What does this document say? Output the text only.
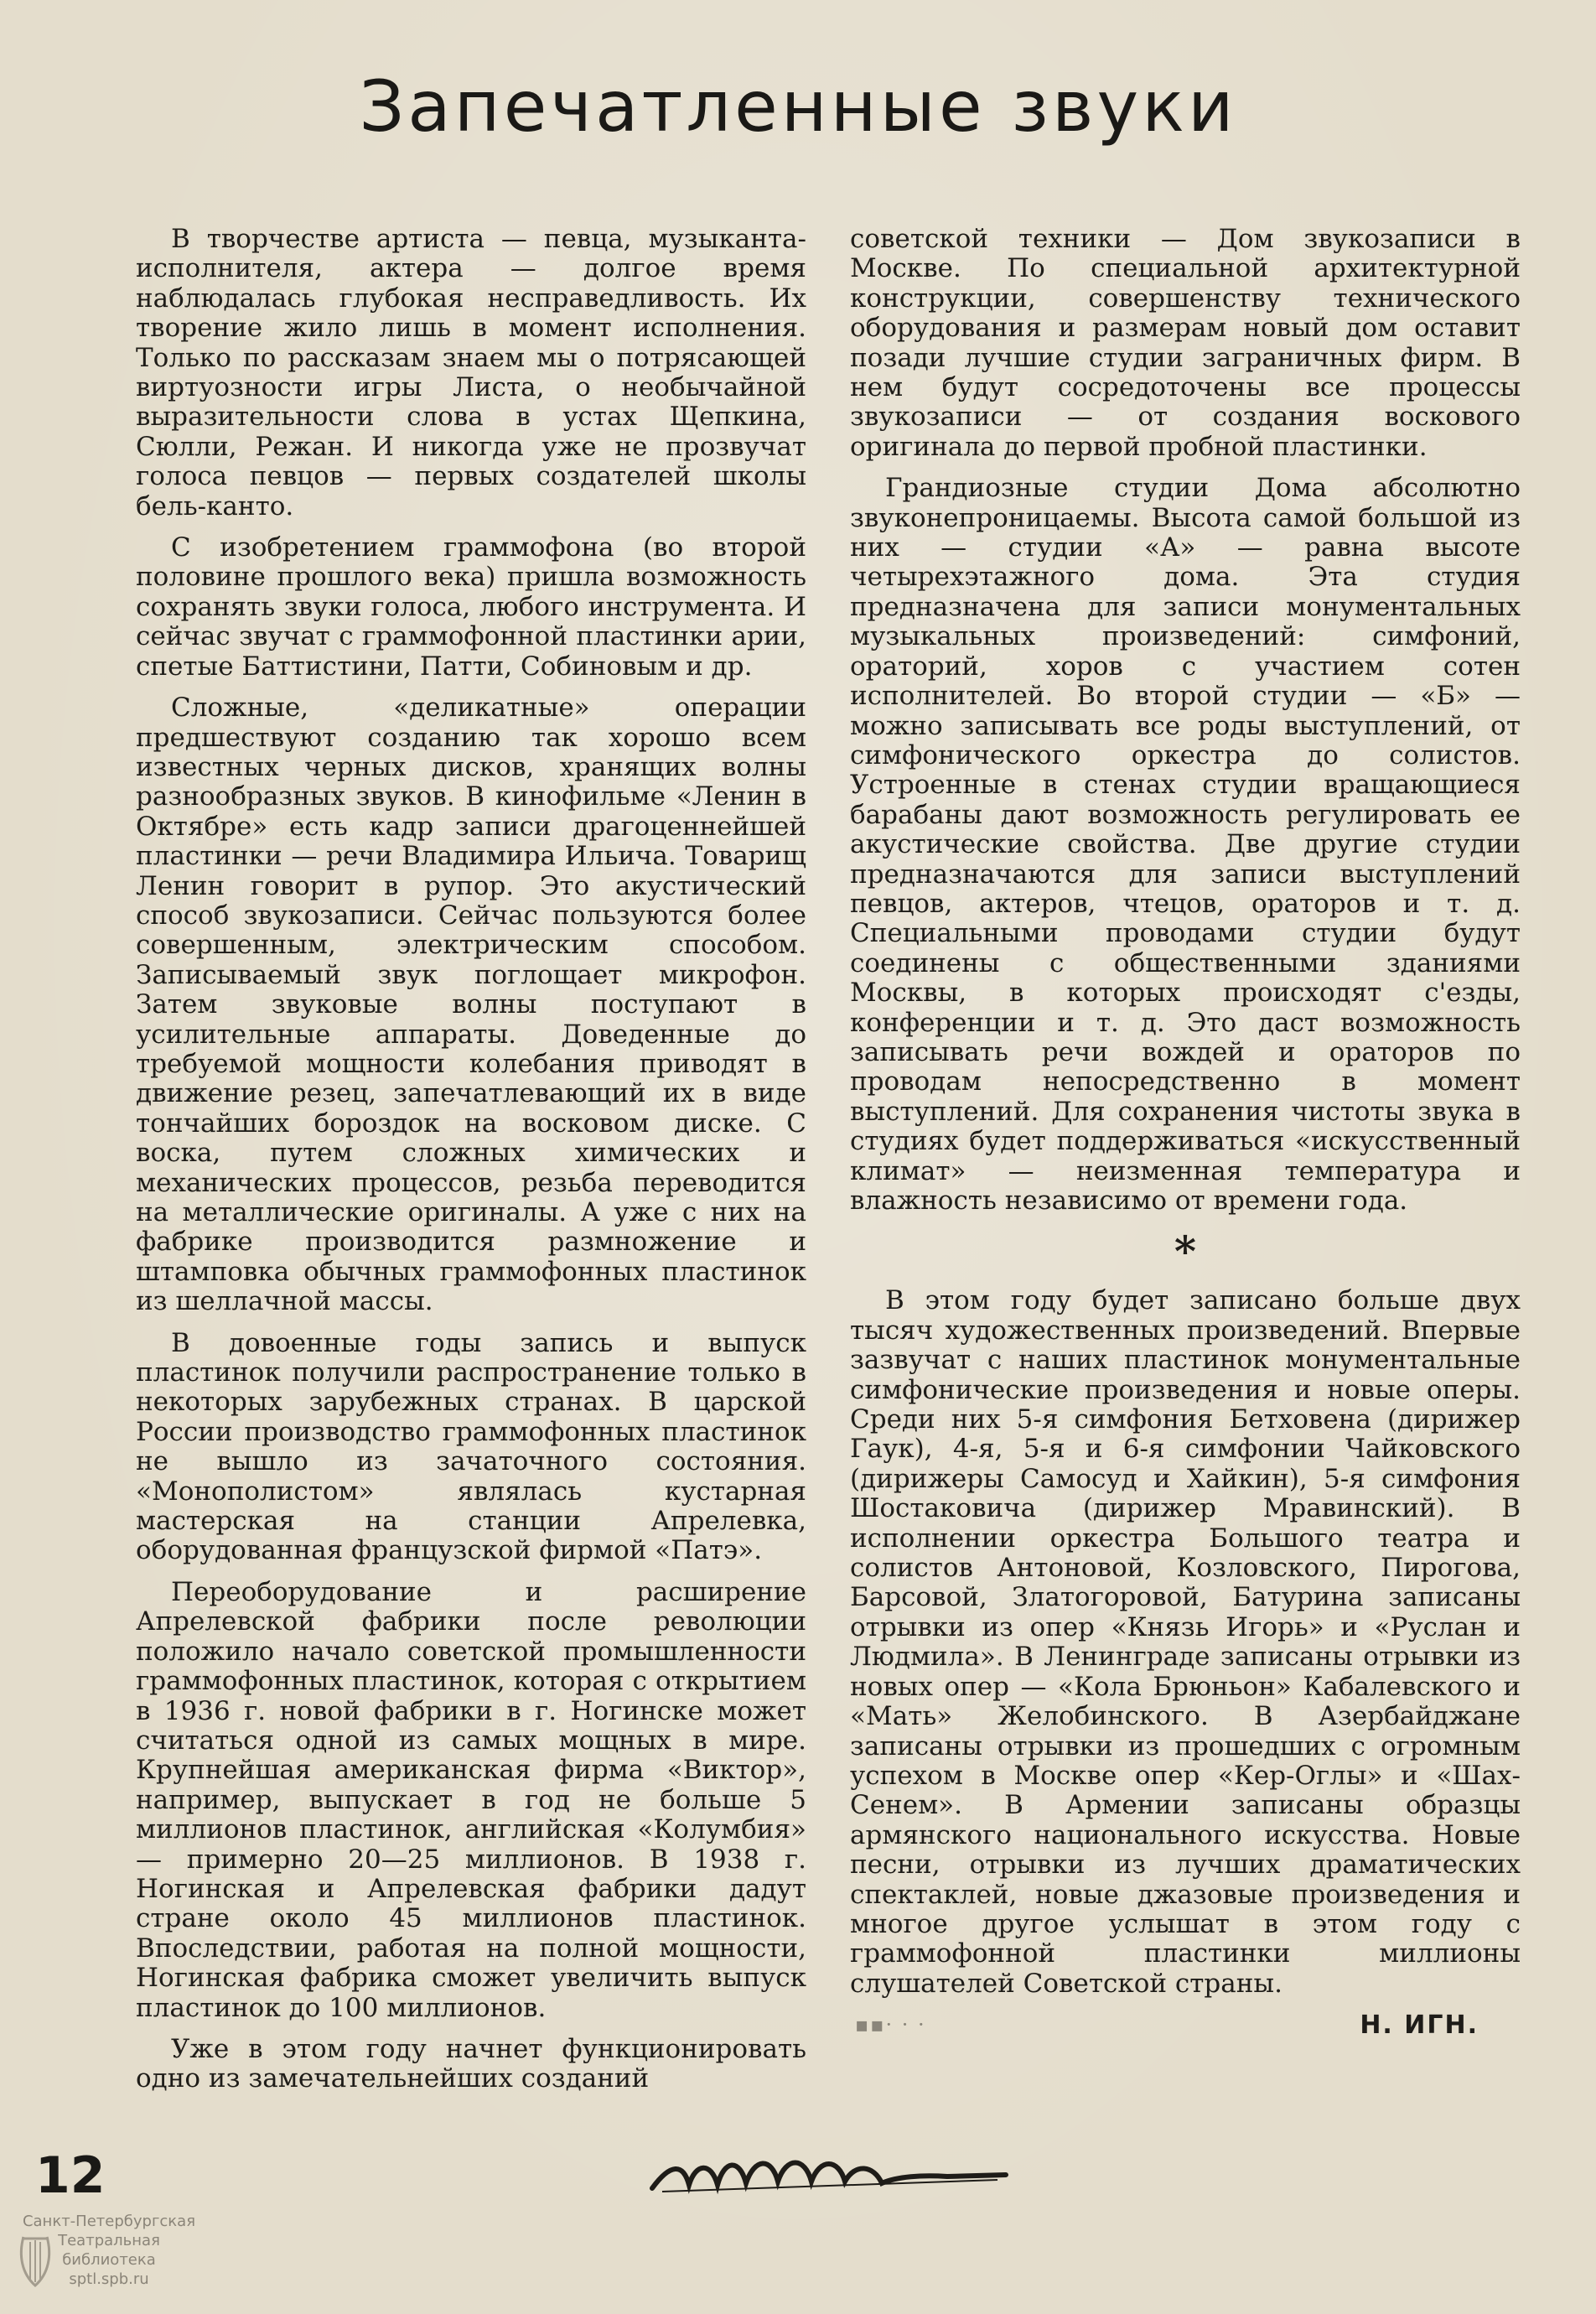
Запечатленные звуки

В творчестве артиста — певца, музыканта-исполнителя, актера — долгое время наблюдалась глубокая несправедливость. Их творение жило лишь в момент исполнения. Только по рассказам знаем мы о потрясающей виртуозности игры Листа, о необычайной выразительности слова в устах Щепкина, Сюлли, Режан. И никогда уже не прозвучат голоса певцов — первых создателей школы бель-канто.

С изобретением граммофона (во второй половине прошлого века) пришла возможность сохранять звуки голоса, любого инструмента. И сейчас звучат с граммофонной пластинки арии, спетые Баттистини, Патти, Собиновым и др.

Сложные, «деликатные» операции предшествуют созданию так хорошо всем известных черных дисков, хранящих волны разнообразных звуков. В кинофильме «Ленин в Октябре» есть кадр записи драгоценнейшей пластинки — речи Владимира Ильича. Товарищ Ленин говорит в рупор. Это акустический способ звукозаписи. Сейчас пользуются более совершенным, электрическим способом. Записываемый звук поглощает микрофон. Затем звуковые волны поступают в усилительные аппараты. Доведенные до требуемой мощности колебания приводят в движение резец, запечатлевающий их в виде тончайших бороздок на восковом диске. С воска, путем сложных химических и механических процессов, резьба переводится на металлические оригиналы. А уже с них на фабрике производится размножение и штамповка обычных граммофонных пластинок из шеллачной массы.

В довоенные годы запись и выпуск пластинок получили распространение только в некоторых зарубежных странах. В царской России производство граммофонных пластинок не вышло из зачаточного состояния. «Монополистом» являлась кустарная мастерская на станции Апрелевка, оборудованная французской фирмой «Патэ».

Переоборудование и расширение Апрелевской фабрики после революции положило начало советской промышленности граммофонных пластинок, которая с открытием в 1936 г. новой фабрики в г. Ногинске может считаться одной из самых мощных в мире. Крупнейшая американская фирма «Виктор», например, выпускает в год не больше 5 миллионов пластинок, английская «Колумбия» — примерно 20—25 миллионов. В 1938 г. Ногинская и Апрелевская фабрики дадут стране около 45 миллионов пластинок. Впоследствии, работая на полной мощности, Ногинская фабрика сможет увеличить выпуск пластинок до 100 миллионов.

Уже в этом году начнет функционировать одно из замечательнейших созданий

советской техники — Дом звукозаписи в Москве. По специальной архитектурной конструкции, совершенству технического оборудования и размерам новый дом оставит позади лучшие студии заграничных фирм. В нем будут сосредоточены все процессы звукозаписи — от создания воскового оригинала до первой пробной пластинки.

Грандиозные студии Дома абсолютно звуконепроницаемы. Высота самой большой из них — студии «А» — равна высоте четырехэтажного дома. Эта студия предназначена для записи монументальных музыкальных произведений: симфоний, ораторий, хоров с участием сотен исполнителей. Во второй студии — «Б» — можно записывать все роды выступлений, от симфонического оркестра до солистов. Устроенные в стенах студии вращающиеся барабаны дают возможность регулировать ее акустические свойства. Две другие студии предназначаются для записи выступлений певцов, актеров, чтецов, ораторов и т. д. Специальными проводами студии будут соединены с общественными зданиями Москвы, в которых происходят с'езды, конференции и т. д. Это даст возможность записывать речи вождей и ораторов по проводам непосредственно в момент выступлений. Для сохранения чистоты звука в студиях будет поддерживаться «искусственный климат» — неизменная температура и влажность независимо от времени года.

*

В этом году будет записано больше двух тысяч художественных произведений. Впервые зазвучат с наших пластинок монументальные симфонические произведения и новые оперы. Среди них 5-я симфония Бетховена (дирижер Гаук), 4-я, 5-я и 6-я симфонии Чайковского (дирижеры Самосуд и Хайкин), 5-я симфония Шостаковича (дирижер Мравинский). В исполнении оркестра Большого театра и солистов Антоновой, Козловского, Пирогова, Барсовой, Златогоровой, Батурина записаны отрывки из опер «Князь Игорь» и «Руслан и Людмила». В Ленинграде записаны отрывки из новых опер — «Кола Брюньон» Кабалевского и «Мать» Желобинского. В Азербайджане записаны отрывки из прошедших с огромным успехом в Москве опер «Кер-Оглы» и «Шах-Сенем». В Армении записаны образцы армянского национального искусства. Новые песни, отрывки из лучших драматических спектаклей, новые джазовые произведения и многое другое услышат в этом году с граммофонной пластинки миллионы слушателей Советской страны.

▪▪· · ·	Н. ИГН.
12
Санкт-Петербургская
Театральная
библиотека
sptl.spb.ru
